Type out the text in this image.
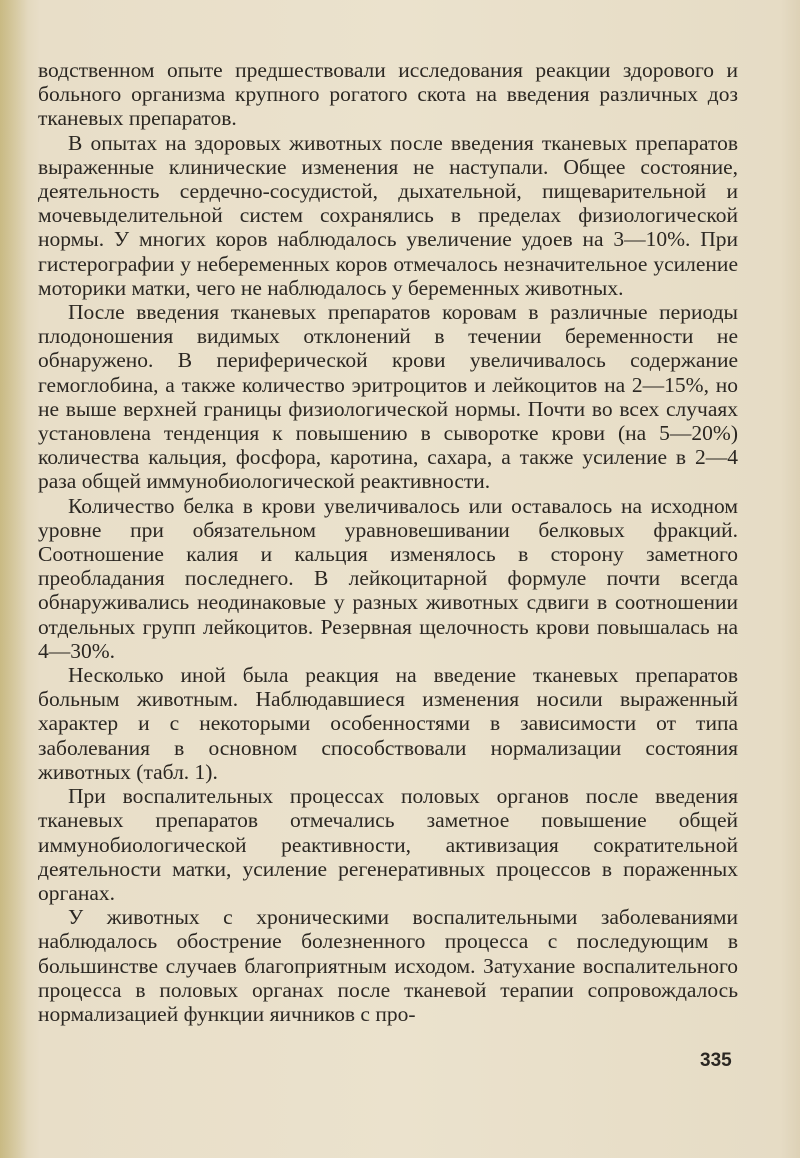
водственном опыте предшествовали исследования реакции здорового и больного организма крупного рогатого скота на введения различных доз тканевых препаратов.

В опытах на здоровых животных после введения тканевых препаратов выраженные клинические изменения не наступали. Общее состояние, деятельность сердечно-сосудистой, дыхательной, пищеварительной и мочевыделительной систем сохранялись в пределах физиологической нормы. У многих коров наблюдалось увеличение удоев на 3—10%. При гистерографии у небеременных коров отмечалось незначительное усиление моторики матки, чего не наблюдалось у беременных животных.

После введения тканевых препаратов коровам в различные периоды плодоношения видимых отклонений в течении беременности не обнаружено. В периферической крови увеличивалось содержание гемоглобина, а также количество эритроцитов и лейкоцитов на 2—15%, но не выше верхней границы физиологической нормы. Почти во всех случаях установлена тенденция к повышению в сыворотке крови (на 5—20%) количества кальция, фосфора, каротина, сахара, а также усиление в 2—4 раза общей иммунобиологической реактивности.

Количество белка в крови увеличивалось или оставалось на исходном уровне при обязательном уравновешивании белковых фракций. Соотношение калия и кальция изменялось в сторону заметного преобладания последнего. В лейкоцитарной формуле почти всегда обнаруживались неодинаковые у разных животных сдвиги в соотношении отдельных групп лейкоцитов. Резервная щелочность крови повышалась на 4—30%.

Несколько иной была реакция на введение тканевых препаратов больным животным. Наблюдавшиеся изменения носили выраженный характер и с некоторыми особенностями в зависимости от типа заболевания в основном способствовали нормализации состояния животных (табл. 1).

При воспалительных процессах половых органов после введения тканевых препаратов отмечались заметное повышение общей иммунобиологической реактивности, активизация сократительной деятельности матки, усиление регенеративных процессов в пораженных органах.

У животных с хроническими воспалительными заболеваниями наблюдалось обострение болезненного процесса с последующим в большинстве случаев благоприятным исходом. Затухание воспалительного процесса в половых органах после тканевой терапии сопровождалось нормализацией функции яичников с про-

335
